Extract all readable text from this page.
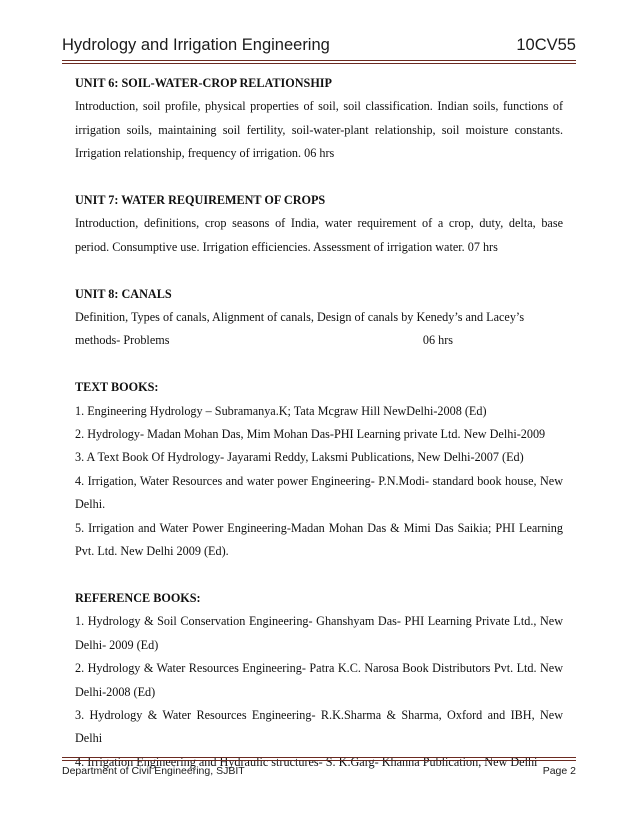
Hydrology and Irrigation Engineering	10CV55
UNIT 6: SOIL-WATER-CROP RELATIONSHIP
Introduction, soil profile, physical properties of soil, soil classification. Indian soils, functions of irrigation soils, maintaining soil fertility, soil-water-plant relationship, soil moisture constants. Irrigation relationship, frequency of irrigation. 06 hrs
UNIT 7: WATER REQUIREMENT OF CROPS
Introduction, definitions, crop seasons of India, water requirement of a crop, duty, delta, base period. Consumptive use. Irrigation efficiencies. Assessment of irrigation water. 07 hrs
UNIT 8: CANALS
Definition, Types of canals, Alignment of canals, Design of canals by Kenedy’s and Lacey’s
methods- Problems	06 hrs
TEXT BOOKS:
1. Engineering Hydrology – Subramanya.K; Tata Mcgraw Hill NewDelhi-2008 (Ed)
2. Hydrology- Madan Mohan Das, Mim Mohan Das-PHI Learning private Ltd. New Delhi-2009
3. A Text Book Of Hydrology- Jayarami Reddy, Laksmi Publications, New Delhi-2007 (Ed)
4. Irrigation, Water Resources and water power Engineering- P.N.Modi- standard book house, New Delhi.
5. Irrigation and Water Power Engineering-Madan Mohan Das & Mimi Das Saikia; PHI Learning Pvt. Ltd. New Delhi 2009 (Ed).
REFERENCE BOOKS:
1. Hydrology & Soil Conservation Engineering- Ghanshyam Das- PHI Learning Private Ltd., New Delhi- 2009 (Ed)
2. Hydrology & Water Resources Engineering- Patra K.C. Narosa Book Distributors Pvt. Ltd. New Delhi-2008 (Ed)
3. Hydrology & Water Resources Engineering- R.K.Sharma & Sharma, Oxford and IBH, New Delhi
4. Irrigation Engineering and Hydraulic structures- S. K.Garg- Khanna Publication, New Delhi
Department of Civil Engineering, SJBIT	Page 2
